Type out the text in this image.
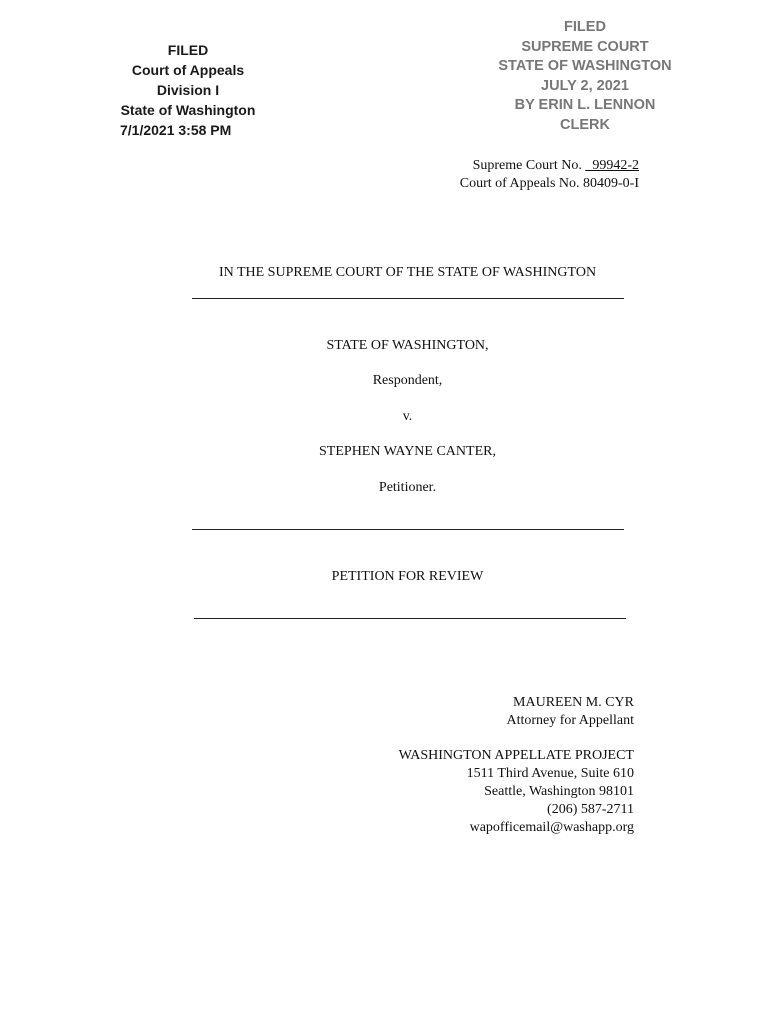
FILED
Court of Appeals
Division I
State of Washington
7/1/2021 3:58 PM
FILED
SUPREME COURT
STATE OF WASHINGTON
JULY 2, 2021
BY ERIN L. LENNON
CLERK
Supreme Court No. _99942-2
Court of Appeals No. 80409-0-I
IN THE SUPREME COURT OF THE STATE OF WASHINGTON
STATE OF WASHINGTON,
Respondent,
v.
STEPHEN WAYNE CANTER,
Petitioner.
PETITION FOR REVIEW
MAUREEN M. CYR
Attorney for Appellant
WASHINGTON APPELLATE PROJECT
1511 Third Avenue, Suite 610
Seattle, Washington 98101
(206) 587-2711
wapofficemail@washapp.org
